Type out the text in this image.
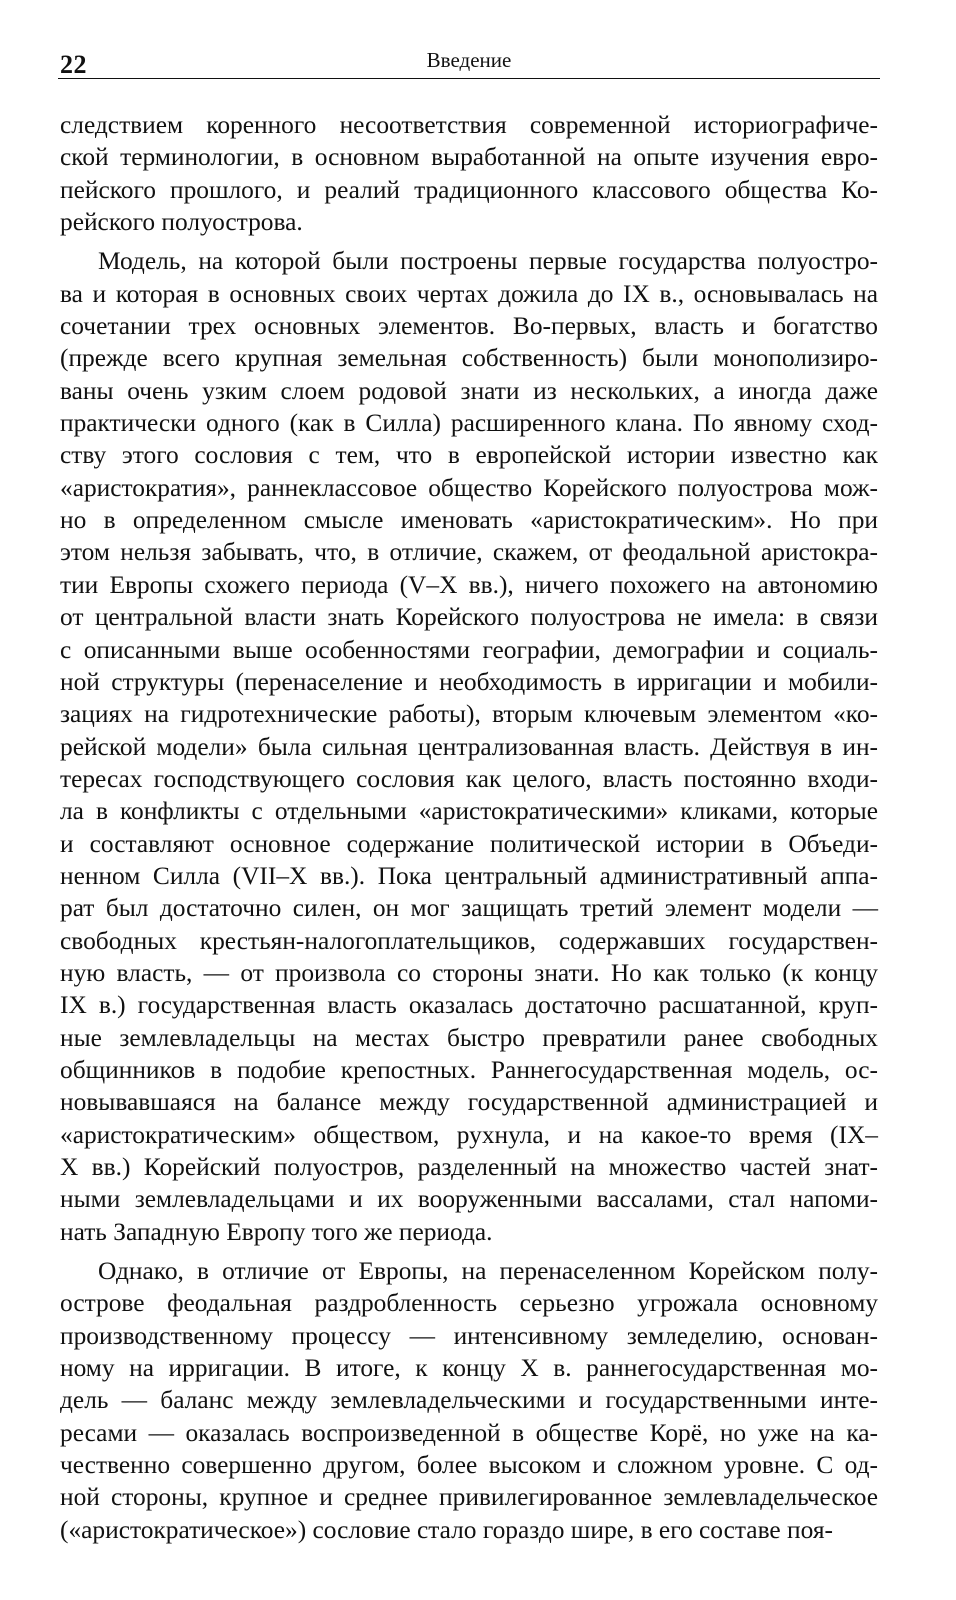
22	Введение
следствием коренного несоответствия современной историографиче-
ской терминологии, в основном выработанной на опыте изучения евро-
пейского прошлого, и реалий традиционного классового общества Ко-
рейского полуострова.
Модель, на которой были построены первые государства полуостро-
ва и которая в основных своих чертах дожила до IX в., основывалась на
сочетании трех основных элементов. Во-первых, власть и богатство
(прежде всего крупная земельная собственность) были монополизиро-
ваны очень узким слоем родовой знати из нескольких, а иногда даже
практически одного (как в Силла) расширенного клана. По явному сход-
ству этого сословия с тем, что в европейской истории известно как
«аристократия», раннеклассовое общество Корейского полуострова мож-
но в определенном смысле именовать «аристократическим». Но при
этом нельзя забывать, что, в отличие, скажем, от феодальной аристокра-
тии Европы схожего периода (V–X вв.), ничего похожего на автономию
от центральной власти знать Корейского полуострова не имела: в связи
с описанными выше особенностями географии, демографии и социаль-
ной структуры (перенаселение и необходимость в ирригации и мобили-
зациях на гидротехнические работы), вторым ключевым элементом «ко-
рейской модели» была сильная централизованная власть. Действуя в ин-
тересах господствующего сословия как целого, власть постоянно входи-
ла в конфликты с отдельными «аристократическими» кликами, которые
и составляют основное содержание политической истории в Объеди-
ненном Силла (VII–X вв.). Пока центральный административный аппа-
рат был достаточно силен, он мог защищать третий элемент модели —
свободных крестьян-налогоплательщиков, содержавших государствен-
ную власть, — от произвола со стороны знати. Но как только (к концу
IX в.) государственная власть оказалась достаточно расшатанной, круп-
ные землевладельцы на местах быстро превратили ранее свободных
общинников в подобие крепостных. Раннегосударственная модель, ос-
новывавшаяся на балансе между государственной администрацией и
«аристократическим» обществом, рухнула, и на какое-то время (IX–
X вв.) Корейский полуостров, разделенный на множество частей знат-
ными землевладельцами и их вооруженными вассалами, стал напоми-
нать Западную Европу того же периода.
Однако, в отличие от Европы, на перенаселенном Корейском полу-
острове феодальная раздробленность серьезно угрожала основному
производственному процессу — интенсивному земледелию, основан-
ному на ирригации. В итоге, к концу X в. раннегосударственная мо-
дель — баланс между землевладельческими и государственными инте-
ресами — оказалась воспроизведенной в обществе Корё, но уже на ка-
чественно совершенно другом, более высоком и сложном уровне. С од-
ной стороны, крупное и среднее привилегированное землевладельческое
(«аристократическое») сословие стало гораздо шире, в его составе поя-
